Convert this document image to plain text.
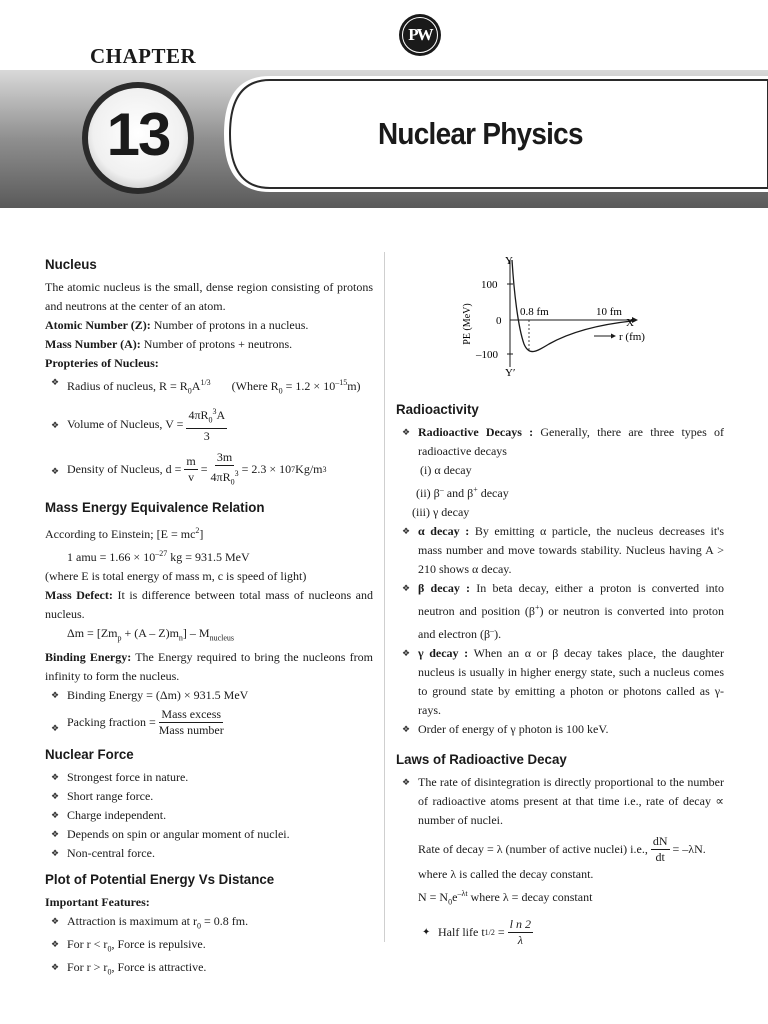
PW
CHAPTER
13	Nuclear Physics
Nucleus

The atomic nucleus is the small, dense region consisting of protons and neutrons at the center of an atom.

Atomic Number (Z): Number of protons in a nucleus.

Mass Number (A): Number of protons + neutrons.

Propteries of Nucleus:

❖ Radius of nucleus, $R = R_0A^{1/3}$ (Where $R_0 = 1.2 \times 10^{-15}m$)
❖ Volume of Nucleus, $V = \frac{4\pi R_0^3A}{3}$
❖ Density of Nucleus, $d = \frac{m}{v} = \frac{3m}{4\pi R_0^3} = 2.3 \times 10$ 7 Kg/m 3
Mass Energy Equivalence Relation

According to Einstein; $[E = mc^2]$

1 amu = $1.66 \times 10^{-27}$ kg = 931.5 MeV

(where E is total energy of mass m, c is speed of light)

Mass Defect: It is difference between total mass of nucleons and nucleus.

$\Delta m = [Zm_p + (A - Z)m_n] - M_{nucleus}$

Binding Energy: The Energy required to bring the nucleons from infinity to form the nucleus.

❖ Binding Energy = (Δm) × 931.5 MeV
❖ Packing fraction = $\frac{\text{Mass excess}}{\text{Mass number}}$
Nuclear Force
❖ Strongest force in nature.
❖ Short range force.
❖ Charge independent.
❖ Depends on spin or angular moment of nuclei.
❖ Non-central force.
Plot of Potential Energy Vs Distance

Important Features:

❖ Attraction is maximum at $r_0 = 0.8$ fm.
❖ For $r < r_0$, Force is repulsive.
❖ For $r > r_0$, Force is attractive.
Y
Y′
100
0
–100
PE (MeV)	0.8 fm	10 fm
X
r (fm)
Radioactivity
❖ Radioactive Decays : Generally, there are three types of radioactive decays

(i) α decay

(ii) β– and β+ decay

(iii) γ decay

❖ α decay : By emitting α particle, the nucleus decreases it's mass number and move towards stability. Nucleus having A > 210 shows α decay.
❖ β decay : In beta decay, either a proton is converted into neutron and position (β+) or neutron is converted into proton and electron (β–).
❖ γ decay : When an α or β decay takes place, the daughter nucleus is usually in higher energy state, such a nucleus comes to ground state by emitting a photon or photons called as γ-rays.
❖ Order of energy of γ photon is 100 keV.
Laws of Radioactive Decay
❖ The rate of disintegration is directly proportional to the number of radioactive atoms present at that time i.e., rate of decay ∝ number of nuclei.
Rate of decay = λ (number of active nuclei) i.e., $\frac{dN}{dt} = -\lambda N$.

where λ is called the decay constant.

$N = N_0e^{-\lambda t}$ where λ = decay constant

✦ Half life t $1/2 = \frac{\text{l n 2}}{\lambda}$
